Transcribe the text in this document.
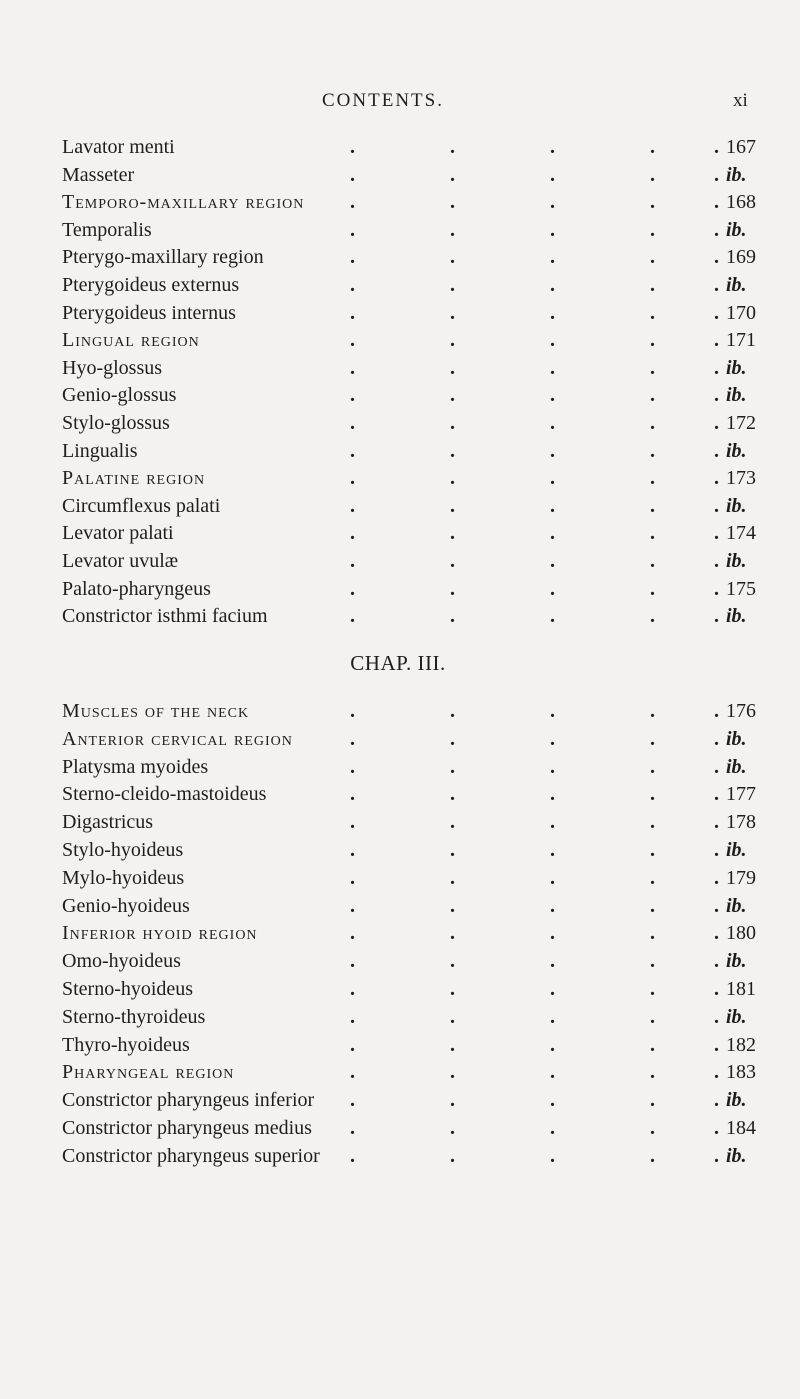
CONTENTS.	xi
Lavator menti	.	.	.	.	. 167
Masseter	.	.	.	.	. ib.
Temporo-maxillary region .	.	.	.	. 168
Temporalis	.	.	.	.	. ib.
Pterygo-maxillary region	.	.	.	.	. 169
Pterygoideus externus	.	.	.	.	. ib.
Pterygoideus internus	.	.	.	.	. 170
Lingual region	.	.	.	.	. 171
Hyo-glossus	.	.	.	.	. ib.
Genio-glossus	.	.	.	.	. ib.
Stylo-glossus	.	.	.	.	. 172
Lingualis	.	.	.	.	. ib.
Palatine region	.	.	.	.	. 173
Circumflexus palati	.	.	.	.	. ib.
Levator palati	.	.	.	.	. 174
Levator uvulæ	.	.	.	.	. ib.
Palato-pharyngeus	.	.	.	.	. 175
Constrictor isthmi facium	.	.	.	.	. ib.
CHAP. III.
Muscles of the neck	.	.	.	.	. 176
Anterior cervical region	.	.	.	.	. ib.
Platysma myoides	.	.	.	.	. ib.
Sterno-cleido-mastoideus	.	.	.	.	. 177
Digastricus	.	.	.	.	. 178
Stylo-hyoideus	.	.	.	.	. ib.
Mylo-hyoideus	.	.	.	.	. 179
Genio-hyoideus	.	.	.	.	. ib.
Inferior hyoid region	.	.	.	.	. 180
Omo-hyoideus	.	.	.	.	. ib.
Sterno-hyoideus	.	.	.	.	. 181
Sterno-thyroideus	.	.	.	.	. ib.
Thyro-hyoideus	.	.	.	.	. 182
Pharyngeal region	.	.	.	.	. 183
Constrictor pharyngeus inferior .	.	.	.	. ib.
Constrictor pharyngeus medius .	.	.	.	. 184
Constrictor pharyngeus superior .	.	.	.	. ib.
